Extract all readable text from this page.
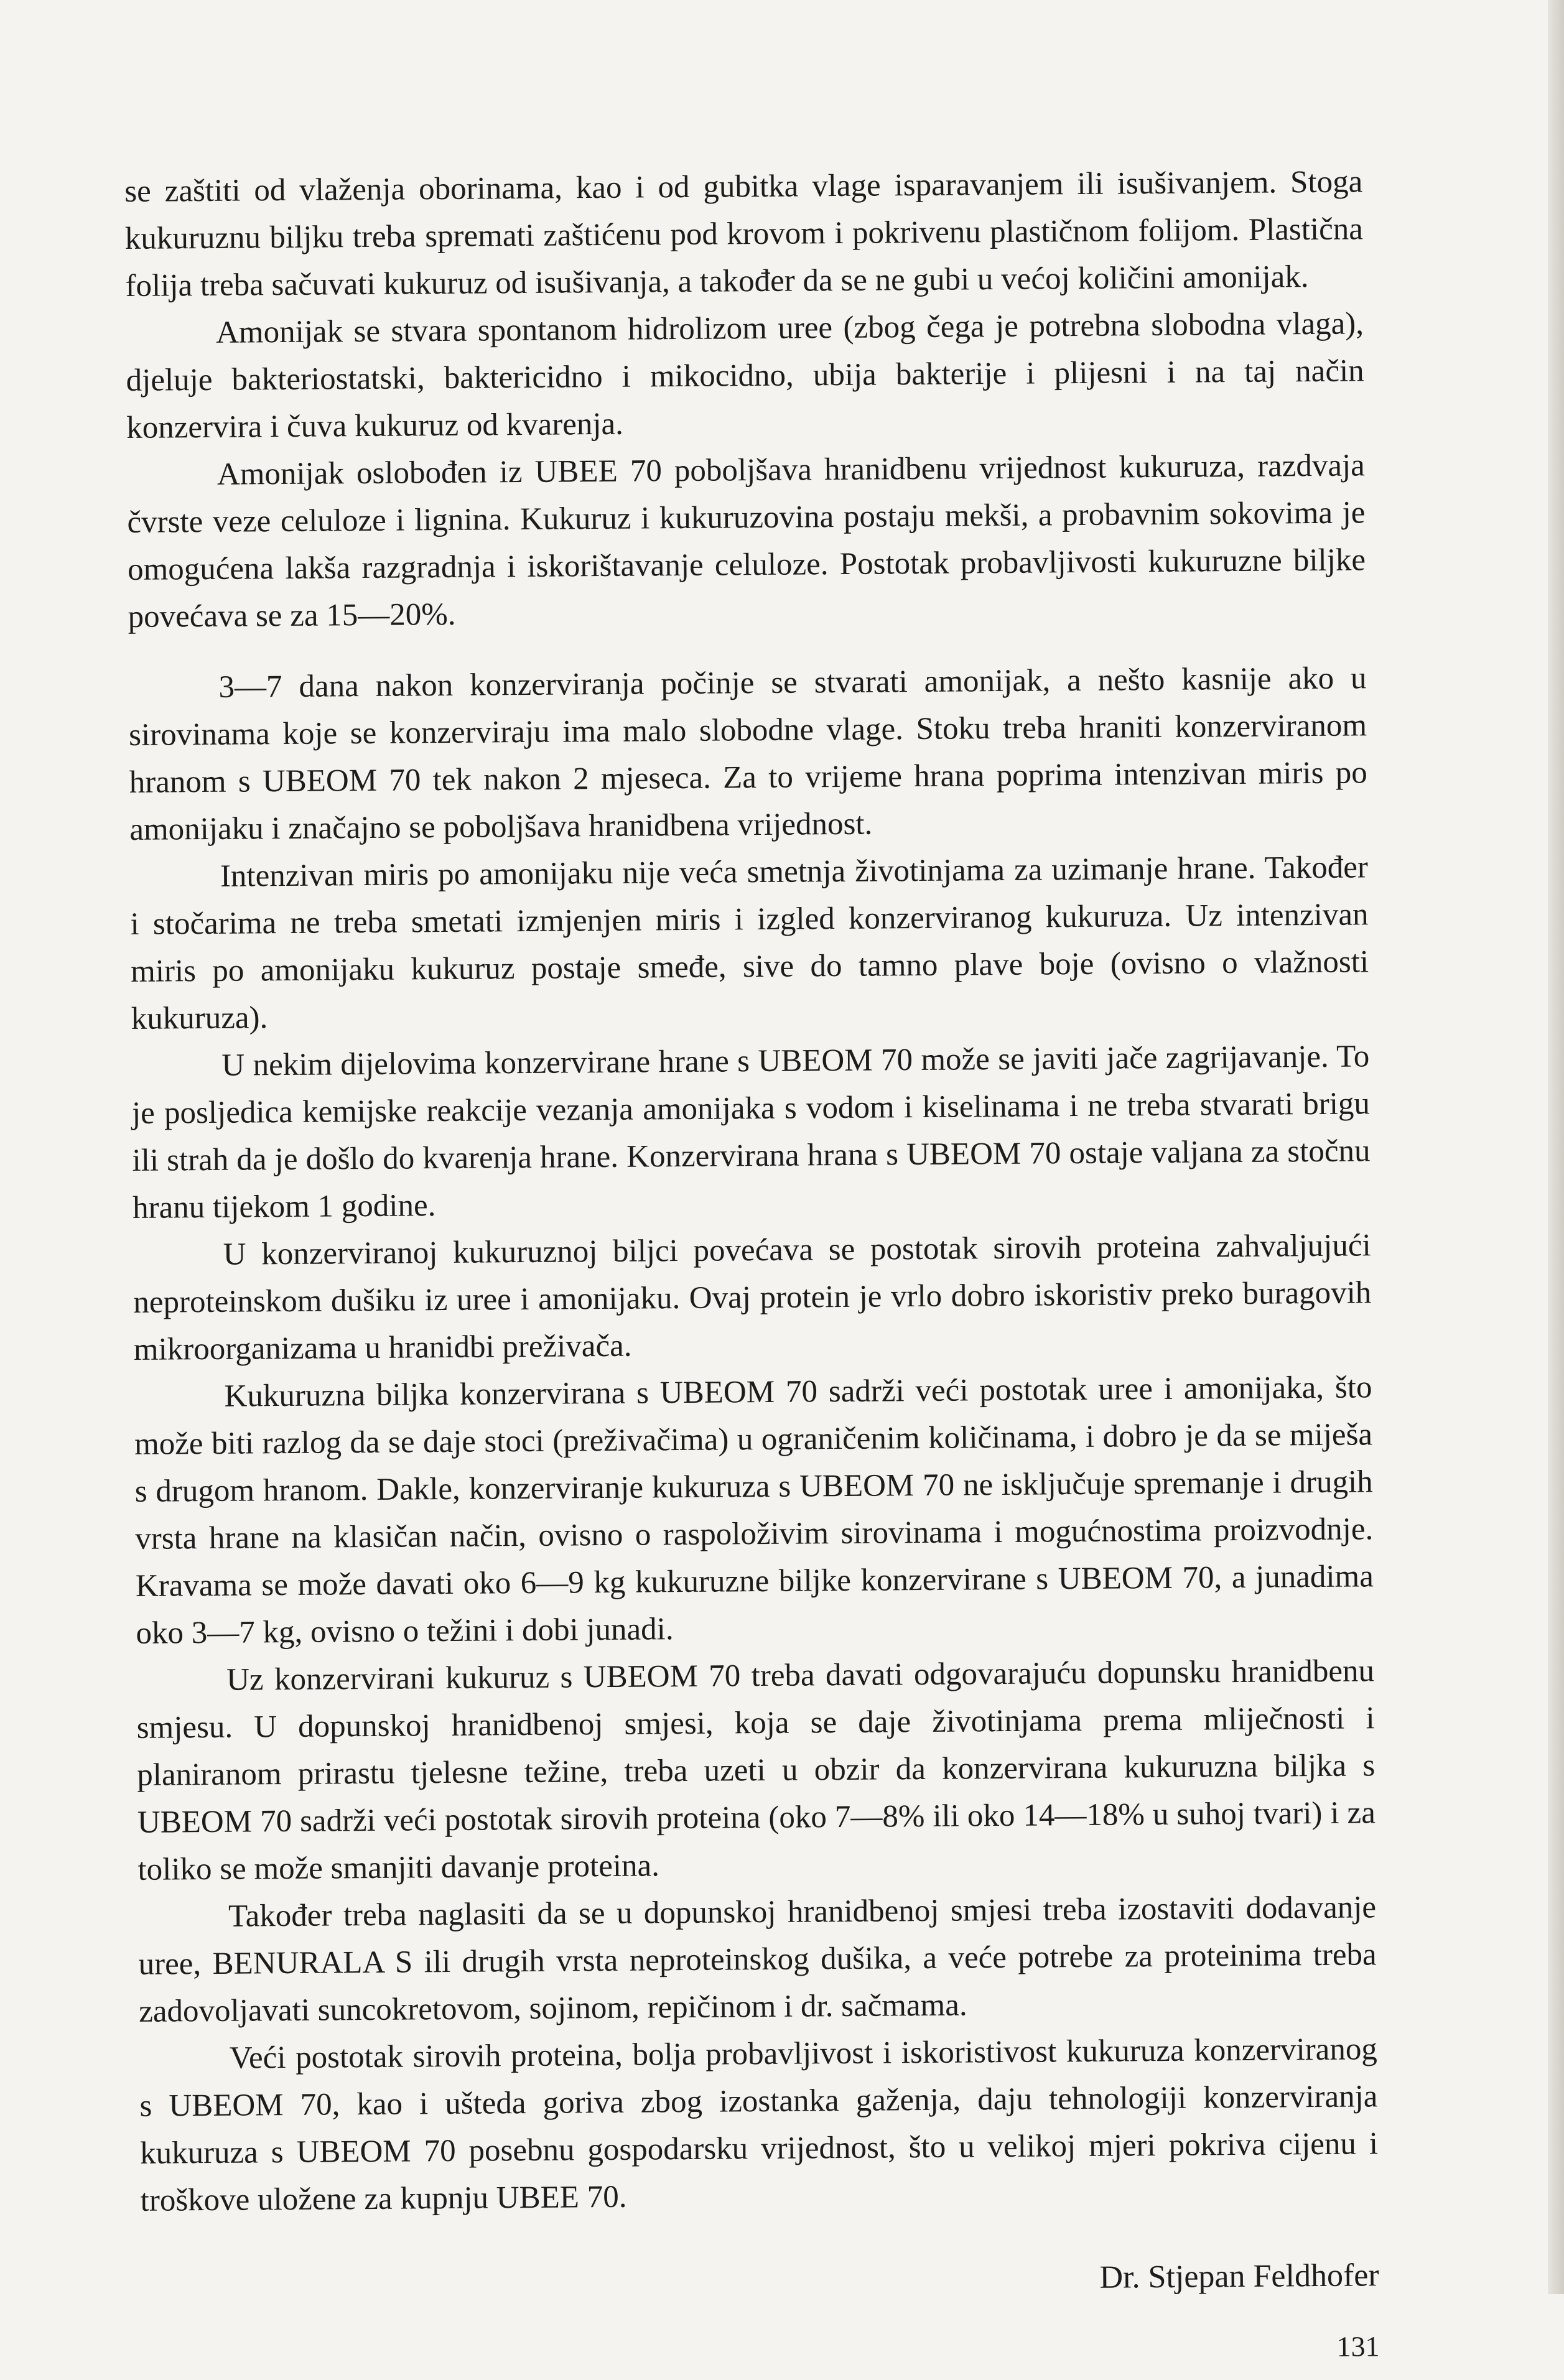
se zaštiti od vlaženja oborinama, kao i od gubitka vlage isparavanjem ili isušivanjem. Stoga kukuruznu biljku treba spremati zaštićenu pod krovom i pokrivenu plastičnom folijom. Plastična folija treba sačuvati kukuruz od isušivanja, a također da se ne gubi u većoj količini amonijak.

Amonijak se stvara spontanom hidrolizom uree (zbog čega je potrebna slobodna vlaga), djeluje bakteriostatski, baktericidno i mikocidno, ubija bakterije i plijesni i na taj način konzervira i čuva kukuruz od kvarenja.

Amonijak oslobođen iz UBEE 70 poboljšava hranidbenu vrijednost kukuruza, razdvaja čvrste veze celuloze i lignina. Kukuruz i kukuruzovina postaju mekši, a probavnim sokovima je omogućena lakša razgradnja i iskorištavanje celuloze. Postotak probavljivosti kukuruzne biljke povećava se za 15—20%.

3—7 dana nakon konzerviranja počinje se stvarati amonijak, a nešto kasnije ako u sirovinama koje se konzerviraju ima malo slobodne vlage. Stoku treba hraniti konzerviranom hranom s UBEOM 70 tek nakon 2 mjeseca. Za to vrijeme hrana poprima intenzivan miris po amonijaku i značajno se poboljšava hranidbena vrijednost.

Intenzivan miris po amonijaku nije veća smetnja životinjama za uzimanje hrane. Također i stočarima ne treba smetati izmjenjen miris i izgled konzerviranog kukuruza. Uz intenzivan miris po amonijaku kukuruz postaje smeđe, sive do tamno plave boje (ovisno o vlažnosti kukuruza).

U nekim dijelovima konzervirane hrane s UBEOM 70 može se javiti jače zagrijavanje. To je posljedica kemijske reakcije vezanja amonijaka s vodom i kiselinama i ne treba stvarati brigu ili strah da je došlo do kvarenja hrane. Konzervirana hrana s UBEOM 70 ostaje valjana za stočnu hranu tijekom 1 godine.

U konzerviranoj kukuruznoj biljci povećava se postotak sirovih proteina zahvaljujući neproteinskom dušiku iz uree i amonijaku. Ovaj protein je vrlo dobro iskoristiv preko buragovih mikroorganizama u hranidbi preživača.

Kukuruzna biljka konzervirana s UBEOM 70 sadrži veći postotak uree i amonijaka, što može biti razlog da se daje stoci (preživačima) u ograničenim količinama, i dobro je da se miješa s drugom hranom. Dakle, konzerviranje kukuruza s UBEOM 70 ne isključuje spremanje i drugih vrsta hrane na klasičan način, ovisno o raspoloživim sirovinama i mogućnostima proizvodnje. Kravama se može davati oko 6—9 kg kukuruzne biljke konzervirane s UBEOM 70, a junadima oko 3—7 kg, ovisno o težini i dobi junadi.

Uz konzervirani kukuruz s UBEOM 70 treba davati odgovarajuću dopunsku hranidbenu smjesu. U dopunskoj hranidbenoj smjesi, koja se daje životinjama prema mliječnosti i planiranom prirastu tjelesne težine, treba uzeti u obzir da konzervirana kukuruzna biljka s UBEOM 70 sadrži veći postotak sirovih proteina (oko 7—8% ili oko 14—18% u suhoj tvari) i za toliko se može smanjiti davanje proteina.

Također treba naglasiti da se u dopunskoj hranidbenoj smjesi treba izostaviti dodavanje uree, BENURALA S ili drugih vrsta neproteinskog dušika, a veće potrebe za proteinima treba zadovoljavati suncokretovom, sojinom, repičinom i dr. sačmama.

Veći postotak sirovih proteina, bolja probavljivost i iskoristivost kukuruza konzerviranog s UBEOM 70, kao i ušteda goriva zbog izostanka gaženja, daju tehnologiji konzerviranja kukuruza s UBEOM 70 posebnu gospodarsku vrijednost, što u velikoj mjeri pokriva cijenu i troškove uložene za kupnju UBEE 70.

Dr. Stjepan Feldhofer
131
